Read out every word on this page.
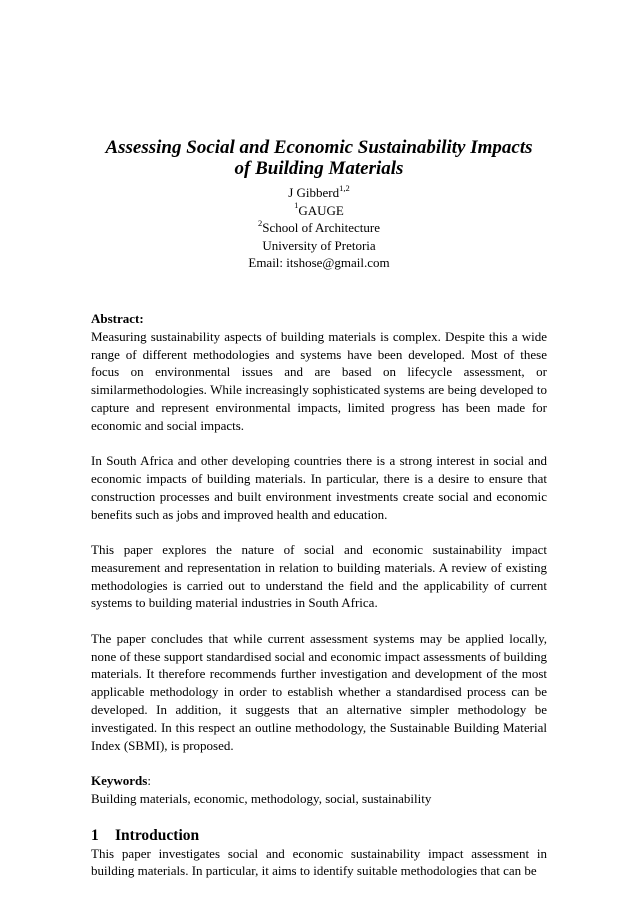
Assessing Social and Economic Sustainability Impacts
of Building Materials
J Gibberd$^{1,2}$
$^1$GAUGE
$^2$School of Architecture
University of Pretoria
Email: itshose@gmail.com

Abstract:

Measuring sustainability aspects of building materials is complex. Despite this a wide range of different methodologies and systems have been developed. Most of these focus on environmental issues and are based on lifecycle assessment, or similarmethodologies. While increasingly sophisticated systems are being developed to capture and represent environmental impacts, limited progress has been made for economic and social impacts.

In South Africa and other developing countries there is a strong interest in social and economic impacts of building materials. In particular, there is a desire to ensure that construction processes and built environment investments create social and economic benefits such as jobs and improved health and education.

This paper explores the nature of social and economic sustainability impact measurement and representation in relation to building materials. A review of existing methodologies is carried out to understand the field and the applicability of current systems to building material industries in South Africa.

The paper concludes that while current assessment systems may be applied locally, none of these support standardised social and economic impact assessments of building materials. It therefore recommends further investigation and development of the most applicable methodology in order to establish whether a standardised process can be developed. In addition, it suggests that an alternative simpler methodology be investigated. In this respect an outline methodology, the Sustainable Building Material Index (SBMI), is proposed.

Keywords:

Building materials, economic, methodology, social, sustainability

1 Introduction

This paper investigates social and economic sustainability impact assessment in building materials. In particular, it aims to identify suitable methodologies that can be
